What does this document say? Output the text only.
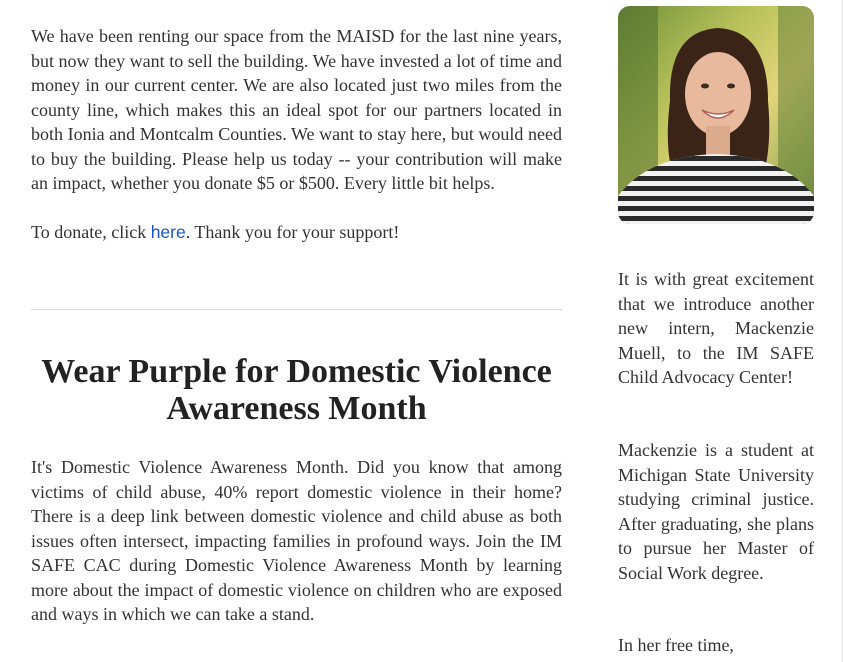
We have been renting our space from the MAISD for the last nine years, but now they want to sell the building. We have invested a lot of time and money in our current center. We are also located just two miles from the county line, which makes this an ideal spot for our partners located in both Ionia and Montcalm Counties. We want to stay here, but would need to buy the building. Please help us today -- your contribution will make an impact, whether you donate $5 or $500. Every little bit helps.

To donate, click here. Thank you for your support!

Wear Purple for Domestic Violence Awareness Month

It's Domestic Violence Awareness Month. Did you know that among victims of child abuse, 40% report domestic violence in their home? There is a deep link between domestic violence and child abuse as both issues often intersect, impacting families in profound ways. Join the IM SAFE CAC during Domestic Violence Awareness Month by learning more about the impact of domestic violence on children who are exposed and ways in which we can take a stand.

It is with great excitement that we introduce another new intern, Mackenzie Muell, to the IM SAFE Child Advocacy Center!

Mackenzie is a student at Michigan State University studying criminal justice. After graduating, she plans to pursue her Master of Social Work degree.

In her free time,
